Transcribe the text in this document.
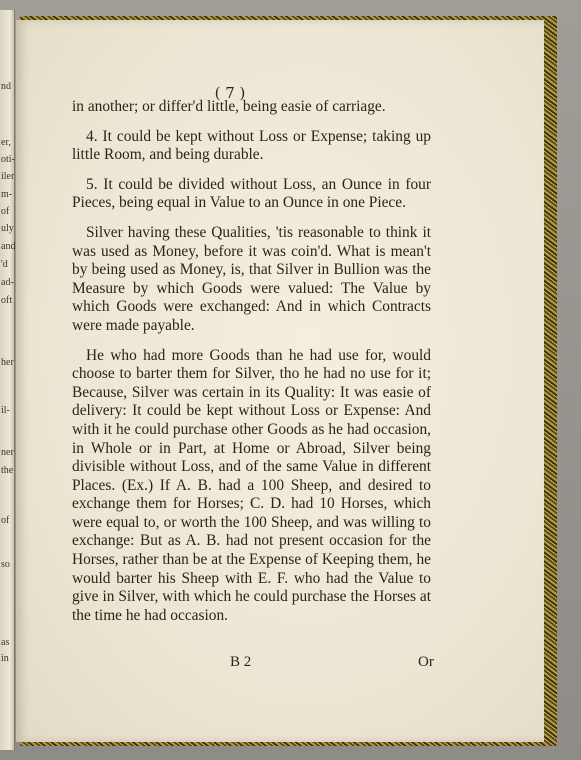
nd
er,
oti-
iler
m-
of
uly
and
'd
ad-
oft
her
il-
ner
the
of
so
as
in
( 7 )

in another; or differ'd little, being easie of carriage.

4. It could be kept without Loss or Expense; taking up little Room, and being durable.

5. It could be divided without Loss, an Ounce in four Pieces, being equal in Value to an Ounce in one Piece.

Silver having these Qualities, 'tis reasonable to think it was used as Money, before it was coin'd. What is mean't by being used as Money, is, that Silver in Bullion was the Measure by which Goods were valued: The Value by which Goods were exchanged: And in which Contracts were made payable.

He who had more Goods than he had use for, would choose to barter them for Silver, tho he had no use for it; Because, Silver was certain in its Quality: It was easie of delivery: It could be kept without Loss or Expense: And with it he could purchase other Goods as he had occasion, in Whole or in Part, at Home or Abroad, Silver being divisible without Loss, and of the same Value in different Places. (Ex.) If A. B. had a 100 Sheep, and desired to exchange them for Horses; C. D. had 10 Horses, which were equal to, or worth the 100 Sheep, and was willing to exchange: But as A. B. had not present occasion for the Horses, rather than be at the Expense of Keeping them, he would barter his Sheep with E. F. who had the Value to give in Silver, with which he could purchase the Horses at the time he had occasion.

B 2	Or
